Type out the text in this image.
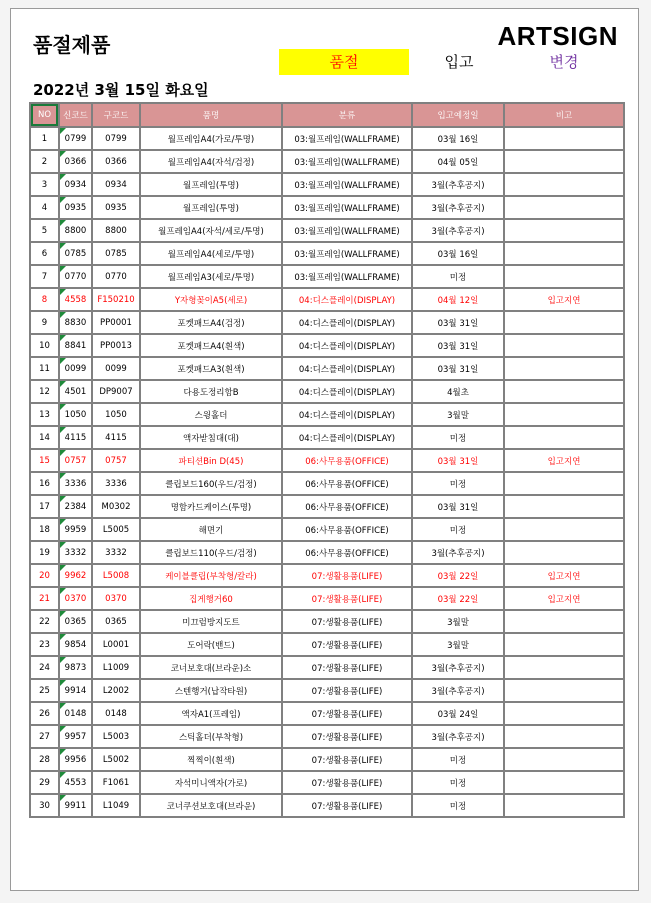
품절제품	ARTSIGN
품절	입고	변경
2022년 3월 15일 화요일
NO	신코드	구코드	품명	분류	입고예정일	비고
1	0799	0799	월프레임A4(가로/투명)	03:월프레임(WALLFRAME)	03월 16일	
2	0366	0366	월프레임A4(자석/검정)	03:월프레임(WALLFRAME)	04월 05일	
3	0934	0934	월프레임(투명)	03:월프레임(WALLFRAME)	3월(추후공지)	
4	0935	0935	월프레임(투명)	03:월프레임(WALLFRAME)	3월(추후공지)	
5	8800	8800	월프레임A4(자석/세로/투명)	03:월프레임(WALLFRAME)	3월(추후공지)	
6	0785	0785	월프레임A4(세로/투명)	03:월프레임(WALLFRAME)	03월 16일	
7	0770	0770	월프레임A3(세로/투명)	03:월프레임(WALLFRAME)	미정	
8	4558	F150210	Y자형꽂이A5(세로)	04:디스플레이(DISPLAY)	04월 12일	입고지연
9	8830	PP0001	포켓패드A4(검정)	04:디스플레이(DISPLAY)	03월 31일	
10	8841	PP0013	포켓패드A4(흰색)	04:디스플레이(DISPLAY)	03월 31일	
11	0099	0099	포켓패드A3(흰색)	04:디스플레이(DISPLAY)	03월 31일	
12	4501	DP9007	다용도정리함B	04:디스플레이(DISPLAY)	4월초	
13	1050	1050	스윙홀더	04:디스플레이(DISPLAY)	3월말	
14	4115	4115	액자받침대(대)	04:디스플레이(DISPLAY)	미정	
15	0757	0757	파티션Bin D(45)	06:사무용품(OFFICE)	03월 31일	입고지연
16	3336	3336	클립보드160(우드/검정)	06:사무용품(OFFICE)	미정	
17	2384	M0302	명함카드케이스(투명)	06:사무용품(OFFICE)	03월 31일	
18	9959	L5005	해면기	06:사무용품(OFFICE)	미정	
19	3332	3332	클립보드110(우드/검정)	06:사무용품(OFFICE)	3월(추후공지)	
20	9962	L5008	케이블클립(부착형/칼라)	07:생활용품(LIFE)	03월 22일	입고지연
21	0370	0370	집게행거60	07:생활용품(LIFE)	03월 22일	입고지연
22	0365	0365	미끄럼방지도트	07:생활용품(LIFE)	3월말	
23	9854	L0001	도어락(밴드)	07:생활용품(LIFE)	3월말	
24	9873	L1009	코너보호대(브라운)소	07:생활용품(LIFE)	3월(추후공지)	
25	9914	L2002	스텐행거(납작타원)	07:생활용품(LIFE)	3월(추후공지)	
26	0148	0148	액자A1(프레임)	07:생활용품(LIFE)	03월 24일	
27	9957	L5003	스틱홀더(부착형)	07:생활용품(LIFE)	3월(추후공지)	
28	9956	L5002	찍찍이(흰색)	07:생활용품(LIFE)	미정	
29	4553	F1061	자석미니액자(가로)	07:생활용품(LIFE)	미정	
30	9911	L1049	코너쿠션보호대(브라운)	07:생활용품(LIFE)	미정	
